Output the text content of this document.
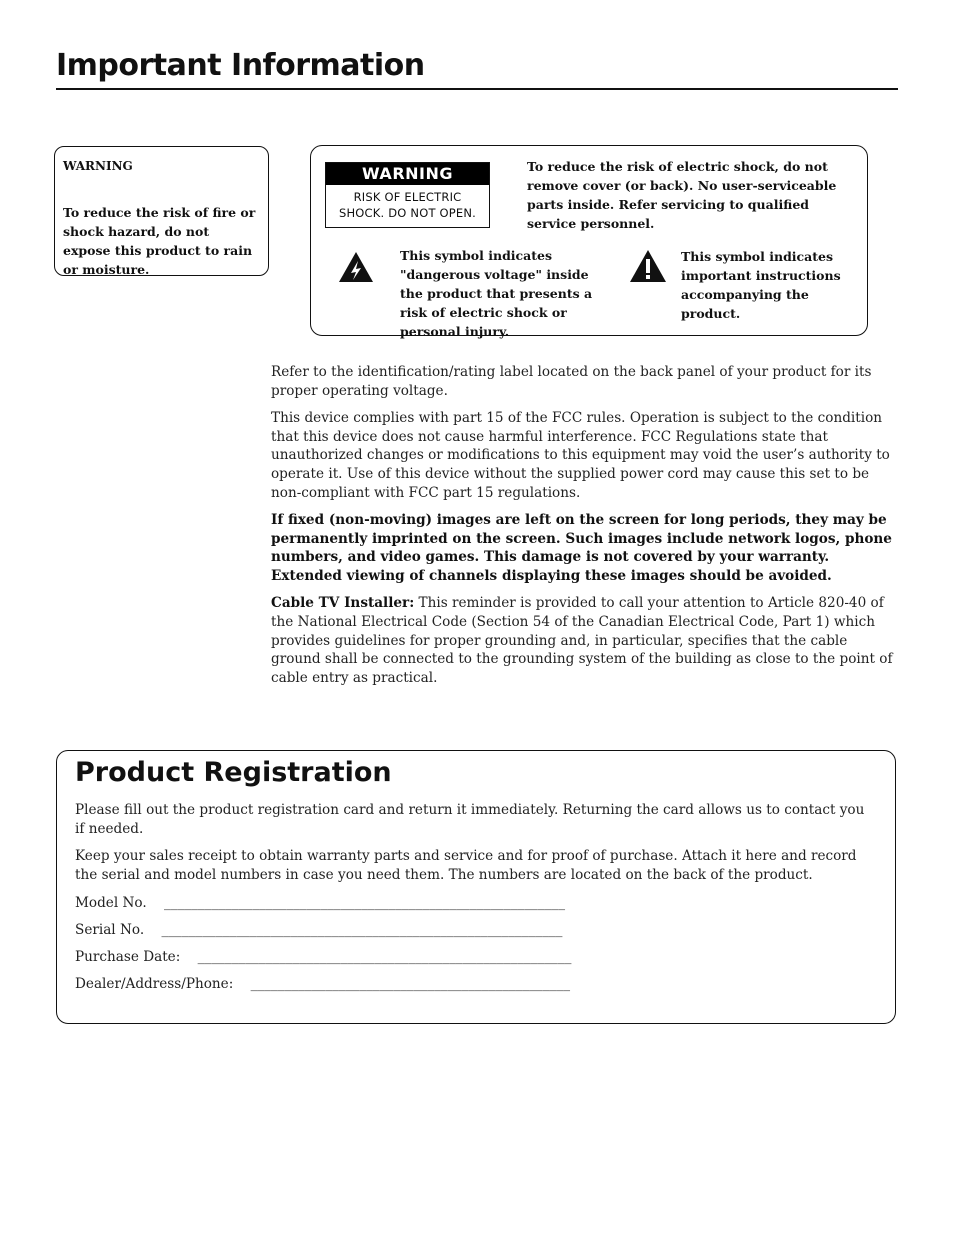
Important Information

WARNING

To reduce the risk of fire or shock hazard, do not expose this product to rain or moisture.

WARNING
RISK OF ELECTRIC
SHOCK. DO NOT OPEN.

To reduce the risk of electric shock, do not remove cover (or back). No user-serviceable parts inside. Refer servicing to qualified service personnel.

This symbol indicates "dangerous voltage" inside the product that presents a risk of electric shock or personal injury.

This symbol indicates important instructions accompanying the product.

Refer to the identification/rating label located on the back panel of your product for its proper operating voltage.

This device complies with part 15 of the FCC rules. Operation is subject to the condition that this device does not cause harmful interference. FCC Regulations state that unauthorized changes or modifications to this equipment may void the user’s authority to operate it. Use of this device without the supplied power cord may cause this set to be non-compliant with FCC part 15 regulations.

If fixed (non-moving) images are left on the screen for long periods, they may be permanently imprinted on the screen. Such images include network logos, phone numbers, and video games. This damage is not covered by your warranty. Extended viewing of channels displaying these images should be avoided.

Cable TV Installer: This reminder is provided to call your attention to Article 820-40 of the National Electrical Code (Section 54 of the Canadian Electrical Code, Part 1) which provides guidelines for proper grounding and, in particular, specifies that the cable ground shall be connected to the grounding system of the building as close to the point of cable entry as practical.

Product Registration

Please fill out the product registration card and return it immediately. Returning the card allows us to contact you if needed.

Keep your sales receipt to obtain warranty parts and service and for proof of purchase. Attach it here and record the serial and model numbers in case you need them. The numbers are located on the back of the product.

Model No. ___________________________________________________________
Serial No. ___________________________________________________________
Purchase Date: _______________________________________________________
Dealer/Address/Phone: _______________________________________________
